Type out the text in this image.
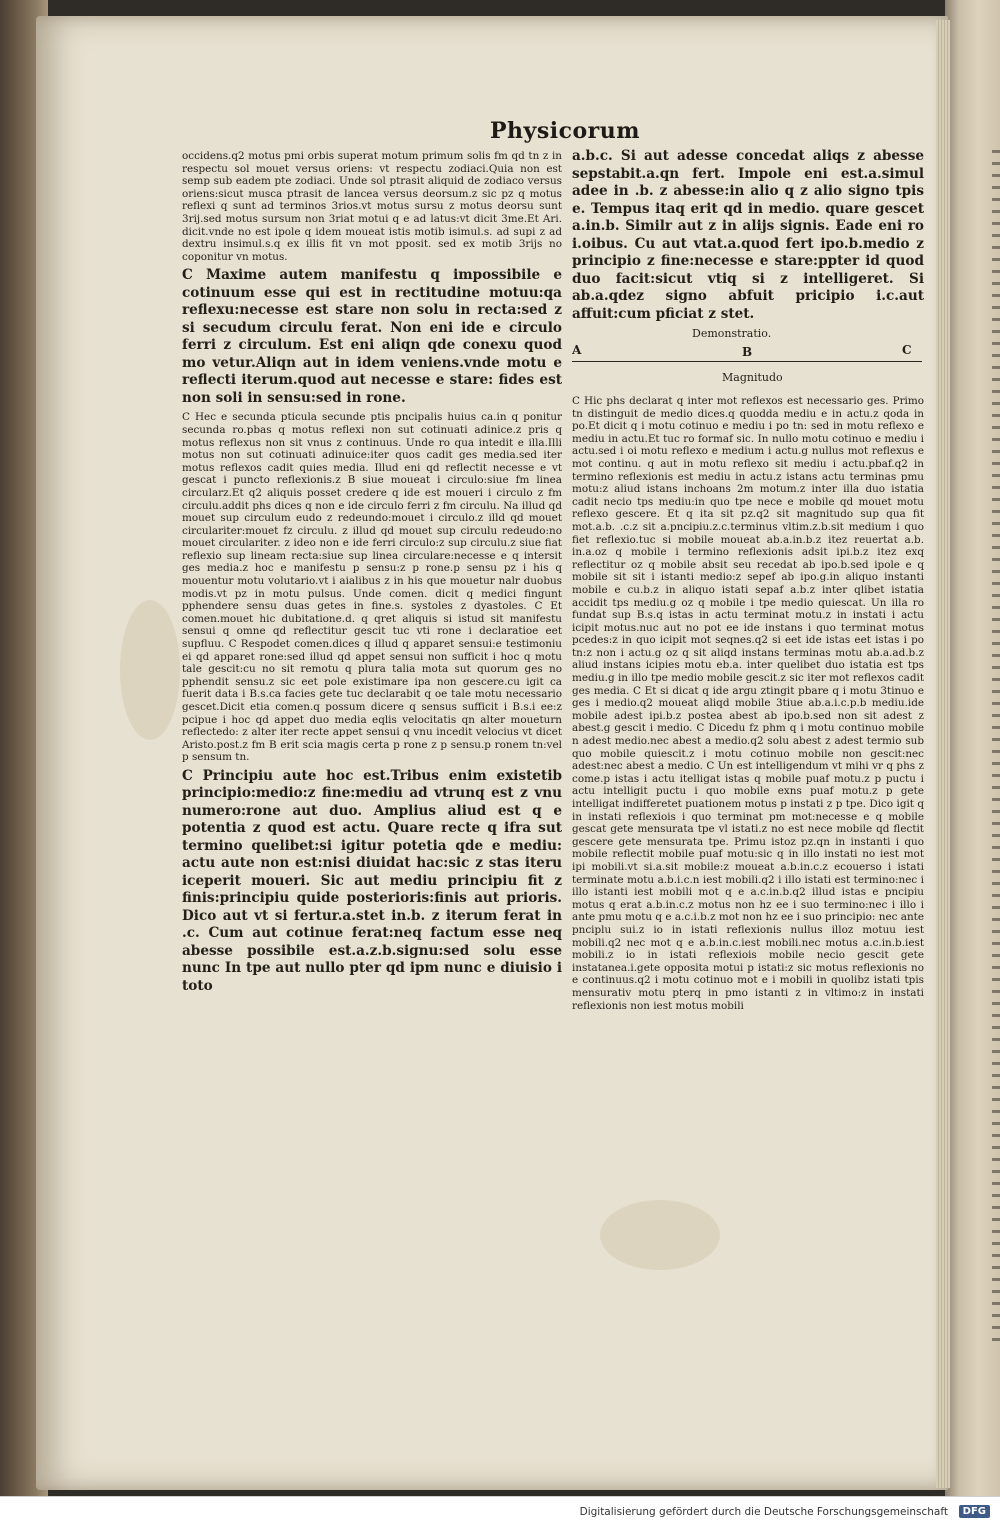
Physicorum

occidens.q2 motus pmi orbis superat motum primum solis fm qd tn z in respectu sol mouet versus oriens: vt respectu zodiaci.Quia non est semp sub eadem pte zodiaci. Unde sol ptrasit aliquid de zodiaco versus oriens:sicut musca ptrasit de lancea versus deorsum.z sic pz q motus reflexi q sunt ad terminos 3rios.vt motus sursu z motus deorsu sunt 3rij.sed motus sursum non 3riat motui q e ad latus:vt dicit 3me.Et Ari. dicit.vnde no est ipole q idem moueat istis motib isimul.s. ad supi z ad dextru insimul.s.q ex illis fit vn mot pposit. sed ex motib 3rijs no coponitur vn motus.

C Maxime autem manifestu q impossibile e cotinuum esse qui est in rectitudine motuu:qa reflexu:necesse est stare non solu in recta:sed z si secudum circulu ferat. Non eni ide e circulo ferri z circulum. Est eni aliqn qde conexu quod mo vetur.Aliqn aut in idem veniens.vnde motu e reflecti iterum.quod aut necesse e stare: fides est non soli in sensu:sed in rone.

C Hec e secunda pticula secunde ptis pncipalis huius ca.in q ponitur secunda ro.pbas q motus reflexi non sut cotinuati adinice.z pris q motus reflexus non sit vnus z continuus. Unde ro qua intedit e illa.Illi motus non sut cotinuati adinuice:iter quos cadit ges media.sed iter motus reflexos cadit quies media. Illud eni qd reflectit necesse e vt gescat i puncto reflexionis.z B siue moueat i circulo:siue fm linea circularz.Et q2 aliquis posset credere q ide est moueri i circulo z fm circulu.addit phs dices q non e ide circulo ferri z fm circulu. Na illud qd mouet sup circulum eudo z redeundo:mouet i circulo.z illd qd mouet circulariter:mouet fz circulu. z illud qd mouet sup circulu redeudo:no mouet circulariter. z ideo non e ide ferri circulo:z sup circulu.z siue fiat reflexio sup lineam recta:siue sup linea circulare:necesse e q intersit ges media.z hoc e manifestu p sensu:z p rone.p sensu pz i his q mouentur motu volutario.vt i aialibus z in his que mouetur nalr duobus modis.vt pz in motu pulsus. Unde comen. dicit q medici fingunt pphendere sensu duas getes in fine.s. systoles z dyastoles. C Et comen.mouet hic dubitatione.d. q qret aliquis si istud sit manifestu sensui q omne qd reflectitur gescit tuc vti rone i declaratioe eet supfluu. C Respodet comen.dices q illud q apparet sensui:e testimoniu ei qd apparet rone:sed illud qd appet sensui non sufficit i hoc q motu tale gescit:cu no sit remotu q plura talia mota sut quorum ges no pphendit sensu.z sic eet pole existimare ipa non gescere.cu igit ca fuerit data i B.s.ca facies gete tuc declarabit q oe tale motu necessario gescet.Dicit etia comen.q possum dicere q sensus sufficit i B.s.i ee:z pcipue i hoc qd appet duo media eqlis velocitatis qn alter moueturn reflectedo: z alter iter recte appet sensui q vnu incedit velocius vt dicet Aristo.post.z fm B erit scia magis certa p rone z p sensu.p ronem tn:vel p sensum tn.

C Principiu aute hoc est.Tribus enim existetib principio:medio:z fine:mediu ad vtrunq est z vnu numero:rone aut duo. Amplius aliud est q e potentia z quod est actu. Quare recte q ifra sut termino quelibet:si igitur potetia qde e mediu: actu aute non est:nisi diuidat hac:sic z stas iteru iceperit moueri. Sic aut mediu principiu fit z finis:principiu quide posterioris:finis aut prioris. Dico aut vt si fertur.a.stet in.b. z iterum ferat in .c. Cum aut cotinue ferat:neq factum esse neq abesse possibile est.a.z.b.signu:sed solu esse nunc In tpe aut nullo pter qd ipm nunc e diuisio i toto

a.b.c. Si aut adesse concedat aliqs z abesse sepstabit.a.qn fert. Impole eni est.a.simul adee in .b. z abesse:in alio q z alio signo tpis e. Tempus itaq erit qd in medio. quare gescet a.in.b. Similr aut z in alijs signis. Eade eni ro i.oibus. Cu aut vtat.a.quod fert ipo.b.medio z principio z fine:necesse e stare:ppter id quod duo facit:sicut vtiq si z intelligeret. Si ab.a.qdez signo abfuit pricipio i.c.aut affuit:cum pficiat z stet.

Demonstratio.
A	B	C
Magnitudo

C Hic phs declarat q inter mot reflexos est necessario ges. Primo tn distinguit de medio dices.q quodda mediu e in actu.z qoda in po.Et dicit q i motu cotinuo e mediu i po tn: sed in motu reflexo e mediu in actu.Et tuc ro formaf sic. In nullo motu cotinuo e mediu i actu.sed i oi motu reflexo e medium i actu.g nullus mot reflexus e mot continu. q aut in motu reflexo sit mediu i actu.pbaf.q2 in termino reflexionis est mediu in actu.z istans actu terminas pmu motu:z aliud istans inchoans 2m motum.z inter illa duo istatia cadit necio tps mediu:in quo tpe nece e mobile qd mouet motu reflexo gescere. Et q ita sit pz.q2 sit magnitudo sup qua fit mot.a.b. .c.z sit a.pncipiu.z.c.terminus vltim.z.b.sit medium i quo fiet reflexio.tuc si mobile moueat ab.a.in.b.z itez reuertat a.b. in.a.oz q mobile i termino reflexionis adsit ipi.b.z itez exq reflectitur oz q mobile absit seu recedat ab ipo.b.sed ipole e q mobile sit sit i istanti medio:z sepef ab ipo.g.in aliquo instanti mobile e cu.b.z in aliquo istati sepaf a.b.z inter qlibet istatia accidit tps mediu.g oz q mobile i tpe medio quiescat. Un illa ro fundat sup B.s.q istas in actu terminat motu.z in instati i actu icipit motus.nuc aut no pot ee ide instans i quo terminat motus pcedes:z in quo icipit mot seqnes.q2 si eet ide istas eet istas i po tn:z non i actu.g oz q sit aliqd instans terminas motu ab.a.ad.b.z aliud instans icipies motu eb.a. inter quelibet duo istatia est tps mediu.g in illo tpe medio mobile gescit.z sic iter mot reflexos cadit ges media. C Et si dicat q ide argu ztingit pbare q i motu 3tinuo e ges i medio.q2 moueat aliqd mobile 3tiue ab.a.i.c.p.b mediu.ide mobile adest ipi.b.z postea abest ab ipo.b.sed non sit adest z abest.g gescit i medio. C Dicedu fz phm q i motu continuo mobile n adest medio.nec abest a medio.q2 solu abest z adest termio sub quo mobile quiescit.z i motu cotinuo mobile non gescit:nec adest:nec abest a medio. C Un est intelligendum vt mihi vr q phs z come.p istas i actu itelligat istas q mobile puaf motu.z p puctu i actu intelligit puctu i quo mobile exns puaf motu.z p gete intelligat indifferetet puationem motus p instati z p tpe. Dico igit q in instati reflexiois i quo terminat pm mot:necesse e q mobile gescat gete mensurata tpe vl istati.z no est nece mobile qd flectit gescere gete mensurata tpe. Primu istoz pz.qn in instanti i quo mobile reflectit mobile puaf motu:sic q in illo instati no iest mot ipi mobili.vt si.a.sit mobile:z moueat a.b.in.c.z ecouerso i istati terminate motu a.b.i.c.n iest mobili.q2 i illo istati est termino:nec i illo istanti iest mobili mot q e a.c.in.b.q2 illud istas e pncipiu motus q erat a.b.in.c.z motus non hz ee i suo termino:nec i illo i ante pmu motu q e a.c.i.b.z mot non hz ee i suo principio: nec ante pnciplu sui.z io in istati reflexionis nullus illoz motuu iest mobili.q2 nec mot q e a.b.in.c.iest mobili.nec motus a.c.in.b.iest mobili.z io in istati reflexiois mobile necio gescit gete instatanea.i.gete opposita motui p istati:z sic motus reflexionis no e continuus.q2 i motu cotinuo mot e i mobili in quolibz istati tpis mensurativ motu pterq in pmo istanti z in vltimo:z in instati reflexionis non iest motus mobili

Digitalisierung gefördert durch die Deutsche Forschungsgemeinschaft	DFG
